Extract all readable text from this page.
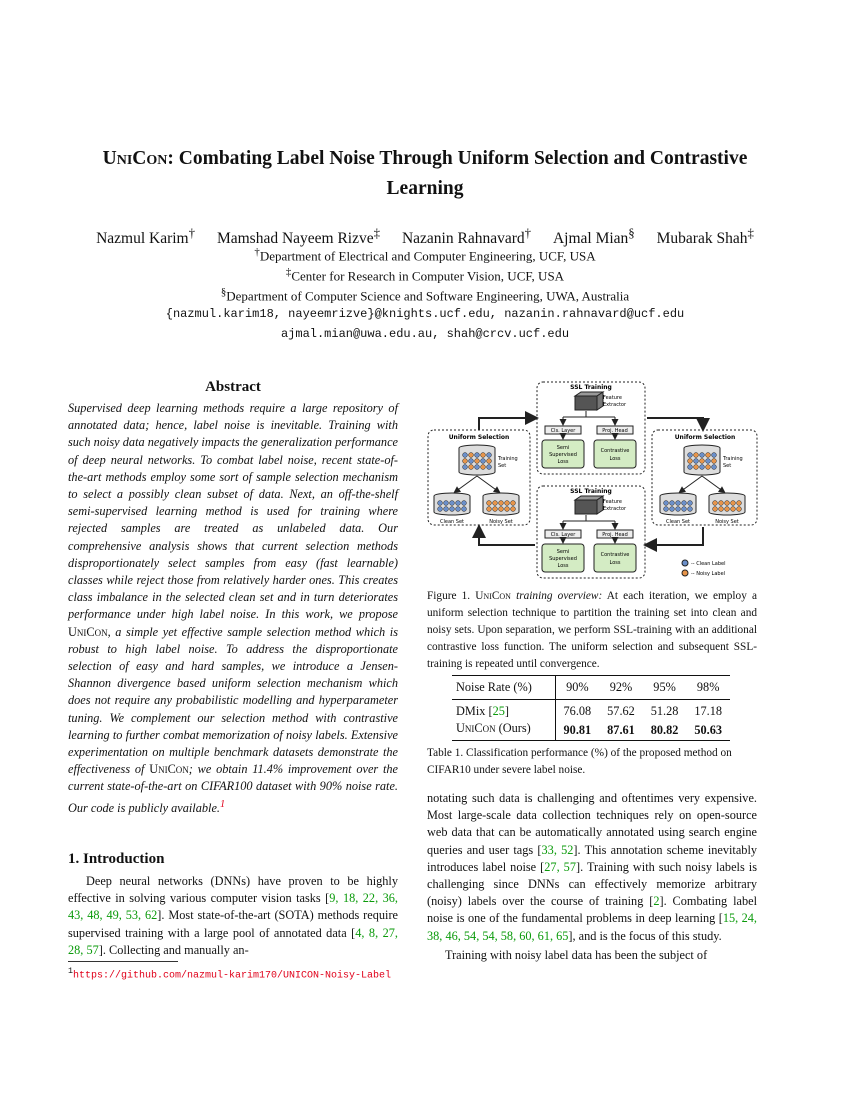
UniCon: Combating Label Noise Through Uniform Selection and Contrastive
Learning
Nazmul Karim† Mamshad Nayeem Rizve‡ Nazanin Rahnavard† Ajmal Mian§ Mubarak Shah‡
†Department of Electrical and Computer Engineering, UCF, USA
‡Center for Research in Computer Vision, UCF, USA
§Department of Computer Science and Software Engineering, UWA, Australia
{nazmul.karim18, nayeemrizve}@knights.ucf.edu, nazanin.rahnavard@ucf.edu
ajmal.mian@uwa.edu.au, shah@crcv.ucf.edu
Abstract
Supervised deep learning methods require a large repository of annotated data; hence, label noise is inevitable. Training with such noisy data negatively impacts the generalization performance of deep neural networks. To combat label noise, recent state-of-the-art methods employ some sort of sample selection mechanism to select a possibly clean subset of data. Next, an off-the-shelf semi-supervised learning method is used for training where rejected samples are treated as unlabeled data. Our comprehensive analysis shows that current selection methods disproportionately select samples from easy (fast learnable) classes while reject those from relatively harder ones. This creates class imbalance in the selected clean set and in turn deteriorates performance under high label noise. In this work, we propose UniCon, a simple yet effective sample selection method which is robust to high label noise. To address the disproportionate selection of easy and hard samples, we introduce a Jensen-Shannon divergence based uniform selection mechanism which does not require any probabilistic modelling and hyperparameter tuning. We complement our selection method with contrastive learning to further combat memorization of noisy labels. Extensive experimentation on multiple benchmark datasets demonstrate the effectiveness of UniCon; we obtain 11.4% improvement over the current state-of-the-art on CIFAR100 dataset with 90% noise rate. Our code is publicly available.$^1$
1. Introduction
Deep neural networks (DNNs) have proven to be highly effective in solving various computer vision tasks [9, 18, 22, 36, 43, 48, 49, 53, 62]. Most state-of-the-art (SOTA) methods require supervised training with a large pool of annotated data [4, 8, 27, 28, 57]. Collecting and manually an-
$^1$https://github.com/nazmul-karim170/UNICON-Noisy-Label
SSL Training
Feature
Extractor
Cls. Layer	Proj. Head
Semi
Supervised
Loss
Contrastive
Loss
SSL Training
Feature
Extractor
Cls. Layer	Proj. Head
Semi
Supervised
Loss
Contrastive
Loss
Uniform Selection
Training
Set
Clean Set	Noisy Set
Uniform Selection
Training
Set
Clean Set	Noisy Set
-- Clean Label
-- Noisy Label
Figure 1. UniCon training overview: At each iteration, we employ a uniform selection technique to partition the training set into clean and noisy sets. Upon separation, we perform SSL-training with an additional contrastive loss function. The uniform selection and subsequent SSL-training is repeated until convergence.
Noise Rate (%)	90%	92%	95%	98%
DMix [25]	76.08	57.62	51.28	17.18
UniCon (Ours)	90.81	87.61	80.82	50.63
Table 1. Classification performance (%) of the proposed method on CIFAR10 under severe label noise.

notating such data is challenging and oftentimes very expensive. Most large-scale data collection techniques rely on open-source web data that can be automatically annotated using search engine queries and user tags [33, 52]. This annotation scheme inevitably introduces label noise [27, 57]. Training with such noisy labels is challenging since DNNs can effectively memorize arbitrary (noisy) labels over the course of training [2]. Combating label noise is one of the fundamental problems in deep learning [15, 24, 38, 46, 54, 54, 58, 60, 61, 65], and is the focus of this study.

Training with noisy label data has been the subject of
